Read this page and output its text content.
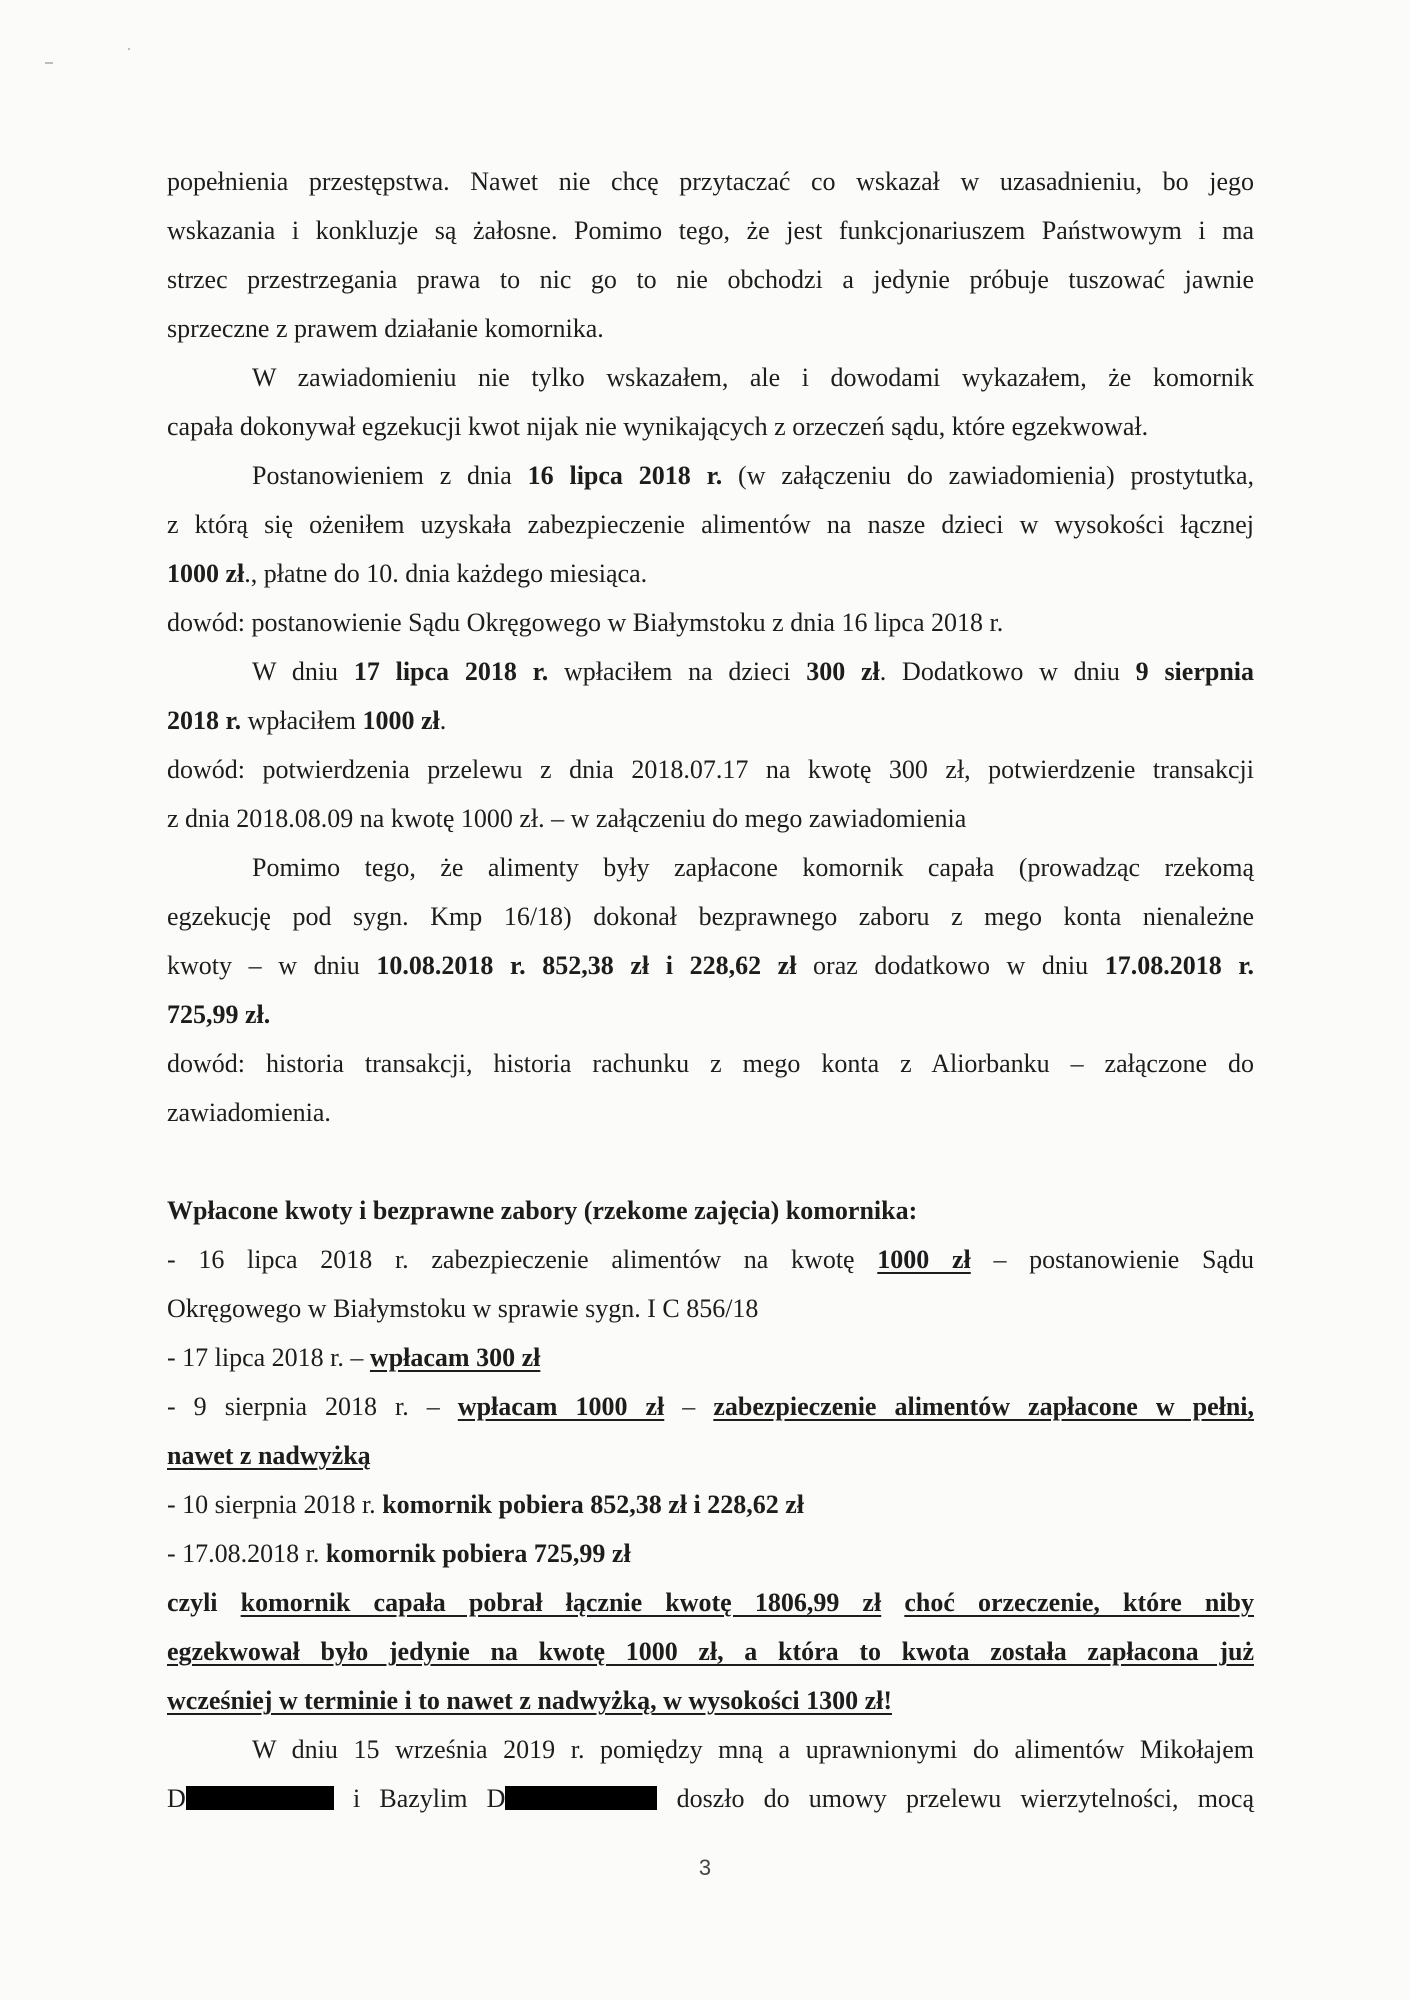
popełnienia przestępstwa. Nawet nie chcę przytaczać co wskazał w uzasadnieniu, bo jego
wskazania i konkluzje są żałosne. Pomimo tego, że jest funkcjonariuszem Państwowym i ma
strzec przestrzegania prawa to nic go to nie obchodzi a jedynie próbuje tuszować jawnie
sprzeczne z prawem działanie komornika.
W zawiadomieniu nie tylko wskazałem, ale i dowodami wykazałem, że komornik
capała dokonywał egzekucji kwot nijak nie wynikających z orzeczeń sądu, które egzekwował.
Postanowieniem z dnia 16 lipca 2018 r. (w załączeniu do zawiadomienia) prostytutka,
z którą się ożeniłem uzyskała zabezpieczenie alimentów na nasze dzieci w wysokości łącznej
1000 zł., płatne do 10. dnia każdego miesiąca.
dowód: postanowienie Sądu Okręgowego w Białymstoku z dnia 16 lipca 2018 r.
W dniu 17 lipca 2018 r. wpłaciłem na dzieci 300 zł. Dodatkowo w dniu 9 sierpnia
2018 r. wpłaciłem 1000 zł.
dowód: potwierdzenia przelewu z dnia 2018.07.17 na kwotę 300 zł, potwierdzenie transakcji
z dnia 2018.08.09 na kwotę 1000 zł. – w załączeniu do mego zawiadomienia
Pomimo tego, że alimenty były zapłacone komornik capała (prowadząc rzekomą
egzekucję pod sygn. Kmp 16/18) dokonał bezprawnego zaboru z mego konta nienależne
kwoty – w dniu 10.08.2018 r. 852,38 zł i 228,62 zł oraz dodatkowo w dniu 17.08.2018 r.
725,99 zł.
dowód: historia transakcji, historia rachunku z mego konta z Aliorbanku – załączone do
zawiadomienia.
Wpłacone kwoty i bezprawne zabory (rzekome zajęcia) komornika:
- 16 lipca 2018 r. zabezpieczenie alimentów na kwotę 1000 zł – postanowienie Sądu
Okręgowego w Białymstoku w sprawie sygn. I C 856/18
- 17 lipca 2018 r. – wpłacam 300 zł
- 9 sierpnia 2018 r. – wpłacam 1000 zł – zabezpieczenie alimentów zapłacone w pełni,
nawet z nadwyżką
- 10 sierpnia 2018 r. komornik pobiera 852,38 zł i 228,62 zł
- 17.08.2018 r. komornik pobiera 725,99 zł
czyli komornik capała pobrał łącznie kwotę 1806,99 zł choć orzeczenie, które niby
egzekwował było jedynie na kwotę 1000 zł, a która to kwota została zapłacona już
wcześniej w terminie i to nawet z nadwyżką, w wysokości 1300 zł!
W dniu 15 września 2019 r. pomiędzy mną a uprawnionymi do alimentów Mikołajem
D	i Bazylim D	doszło do umowy przelewu wierzytelności, mocą
3
